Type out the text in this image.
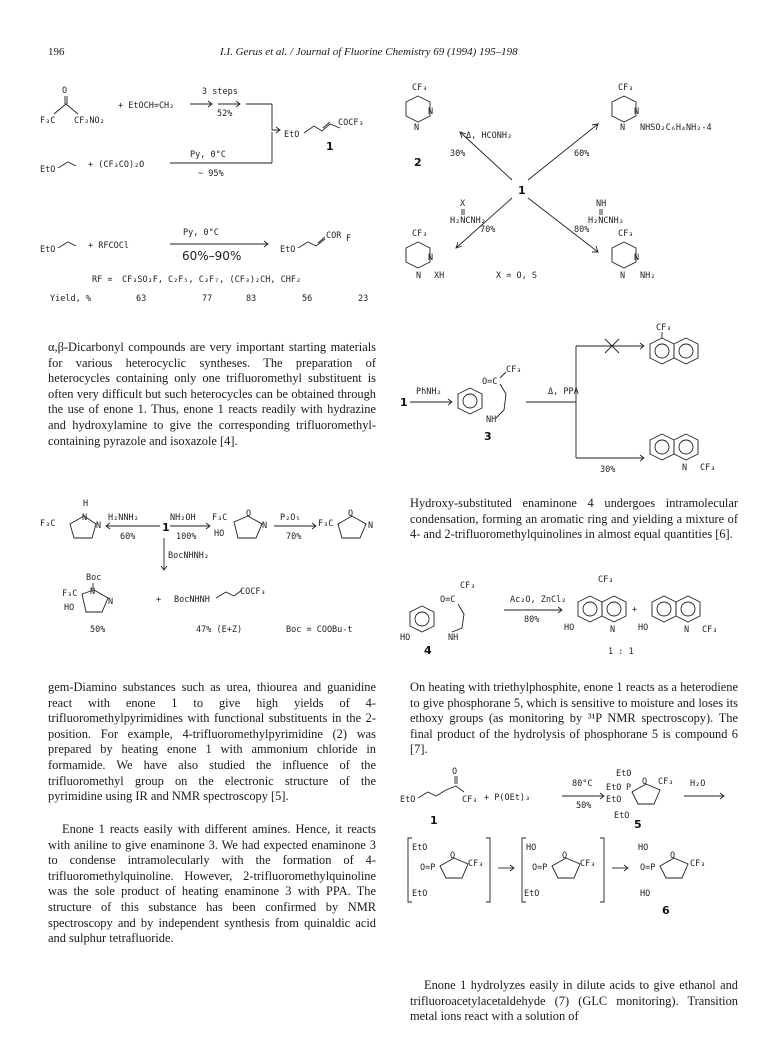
196	I.I. Gerus et al. / Journal of Fluorine Chemistry 69 (1994) 195–198
O
F₃C CF₂NO₂
+ EtOCH=CH₂
3 steps
52%
EtO
COCF₃
1
EtO	+ (CF₃CO)₂O
Py, 0°C
~ 95%
EtO	+ RFCOCl
Py, 0°C
60%–90%	EtO
COR F
RF = CF₃SO₂F, C₂F₅, C₃F₇, (CF₃)₂CH, CHF₂
Yield, %	63	77	83	56	23

α,β-Dicarbonyl compounds are very important starting materials for various heterocyclic syntheses. The preparation of heterocycles containing only one trifluoromethyl substituent is often very difficult but such heterocycles can be obtained through the use of enone 1. Thus, enone 1 reacts readily with hydrazine and hydroxylamine to give the corresponding trifluoromethyl-containing pyrazole and isoxazole [4].

H
F₃C
N
N
H₂NNH₂
60%
1
NH₂OH
100%
F₃C
HO
O
N
P₂O₅
70%
F₃C
O
N
BocNHNH₂
Boc
F₃C
HO
N
N	+ BocNHNH
COCF₃
50%	47% (E+Z)	Boc = COOBu-t

gem-Diamino substances such as urea, thiourea and guanidine react with enone 1 to give high yields of 4-trifluoromethylpyrimidines with functional substituents in the 2-position. For example, 4-trifluoromethylpyrimidine (2) was prepared by heating enone 1 with ammonium chloride in formamide. We have also studied the influence of the trifluoromethyl group on the electronic structure of the pyrimidine using IR and NMR spectroscopy [5].

Enone 1 reacts easily with different amines. Hence, it reacts with aniline to give enaminone 3. We had expected enaminone 3 to condense intramolecularly with the formation of 4-trifluoromethylquinoline. However, 2-trifluoromethylquinoline was the sole product of heating enaminone 3 with PPA. The structure of this substance has been confirmed by NMR spectroscopy and by independent synthesis from quinaldic acid and sulphur tetrafluoride.

CF₃
N
N
2
CF₃
N
N NHSO₂C₆H₄NH₂-4
Δ, HCONH₂
30%	60%
1
X
H₂NCNH₂
70%
NH
H₂NCNH₂
80%
CF₃
N
N XH
CF₃
N
N NH₂
X = O, S
CF₃
1
PhNH₂
O=C
CF₃
NH
3
Δ, PPA
30%	N CF₃

Hydroxy-substituted enaminone 4 undergoes intramolecular condensation, forming an aromatic ring and yielding a mixture of 4- and 2-trifluoromethylquinolines in almost equal quantities [6].

HO
O=C
CF₃
NH
4
Ac₂O, ZnCl₂
80%
CF₃
HO	N
+
HO	N CF₃
1 : 1

On heating with triethylphosphite, enone 1 reacts as a heterodiene to give phosphorane 5, which is sensitive to moisture and loses its ethoxy groups (as monitoring by ³¹P NMR spectroscopy). The final product of the hydrolysis of phosphorane 5 is compound 6 [7].

O
EtO	CF₃
1
+ P(OEt)₃
80°C
50%
EtO
EtO P
EtO
O CF₃
EtO
5
H₂O
EtO
O=P
O
CF₃
EtO
HO
O=P
O
CF₃
EtO
HO
O=P
O
CF₃
HO
6

Enone 1 hydrolyzes easily in dilute acids to give ethanol and trifluoroacetylacetaldehyde (7) (GLC monitoring). Transition metal ions react with a solution of
